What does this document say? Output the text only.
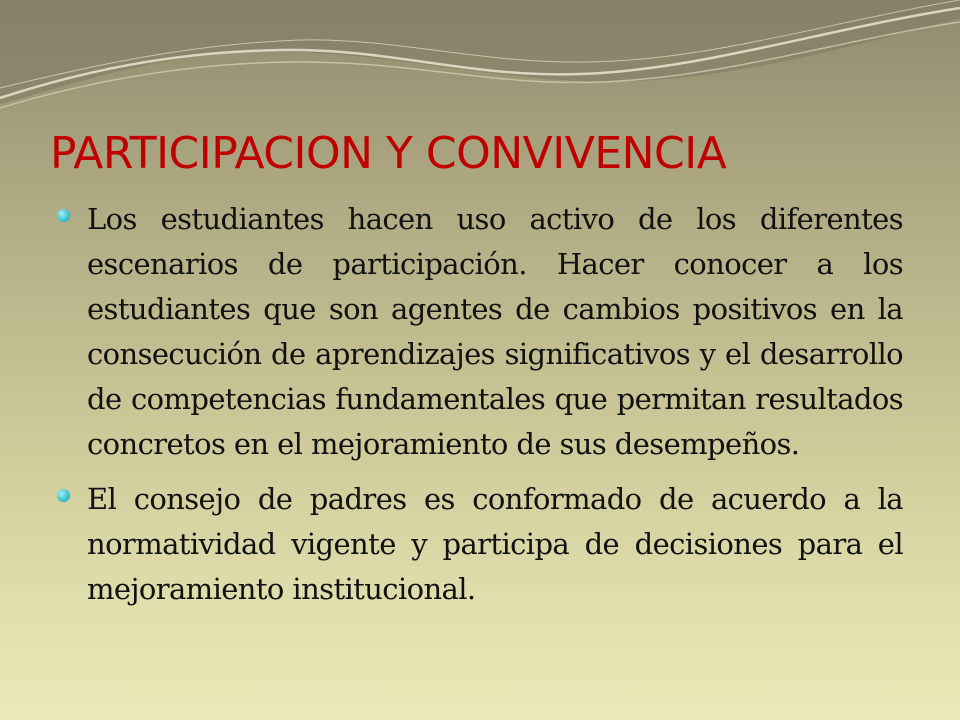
PARTICIPACION Y CONVIVENCIA
Los estudiantes hacen uso activo de los diferentes escenarios de participación. Hacer conocer a los estudiantes que son agentes de cambios positivos en la consecución de aprendizajes significativos y el desarrollo de competencias fundamentales que permitan resultados concretos en el mejoramiento de sus desempeños.
El consejo de padres es conformado de acuerdo a la normatividad vigente y participa de decisiones para el mejoramiento institucional.
